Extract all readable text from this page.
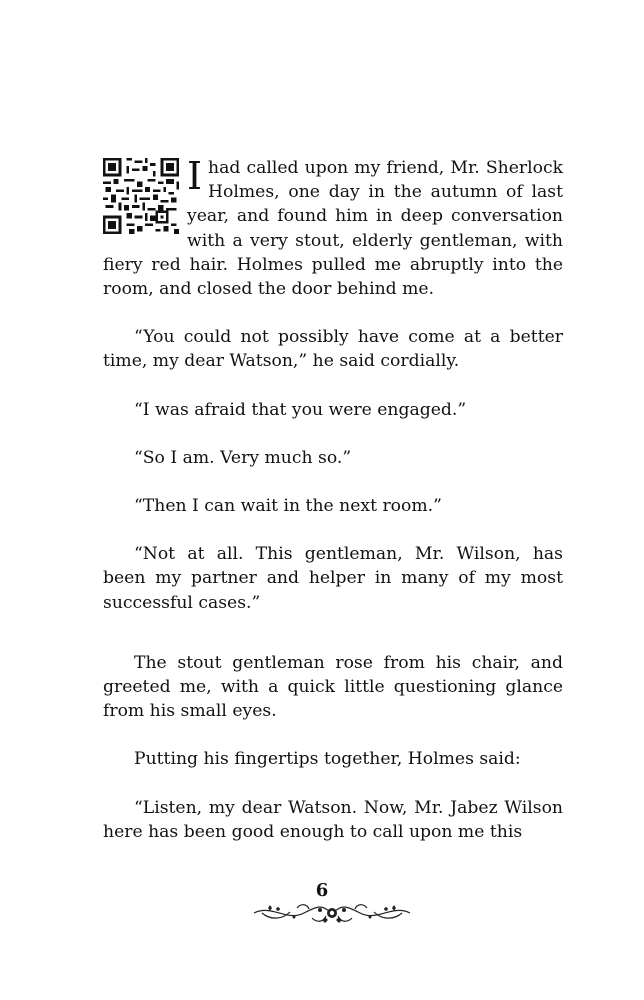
Ihad called upon my friend, Mr. Sherlock Holmes, one day in the autumn of last year, and found him in deep conversation with a very stout, elderly gentleman, with fiery red hair. Holmes pulled me abruptly into the room, and closed the door behind me.

“You could not possibly have come at a better time, my dear Watson,” he said cordially.

“I was afraid that you were engaged.”

“So I am. Very much so.”

“Then I can wait in the next room.”

“Not at all. This gentleman, Mr. Wilson, has been my partner and helper in many of my most successful cases.”

The stout gentleman rose from his chair, and greeted me, with a quick little questioning glance from his small eyes.

Putting his fingertips together, Holmes said:

“Listen, my dear Watson. Now, Mr. Jabez Wilson here has been good enough to call upon me this

6
